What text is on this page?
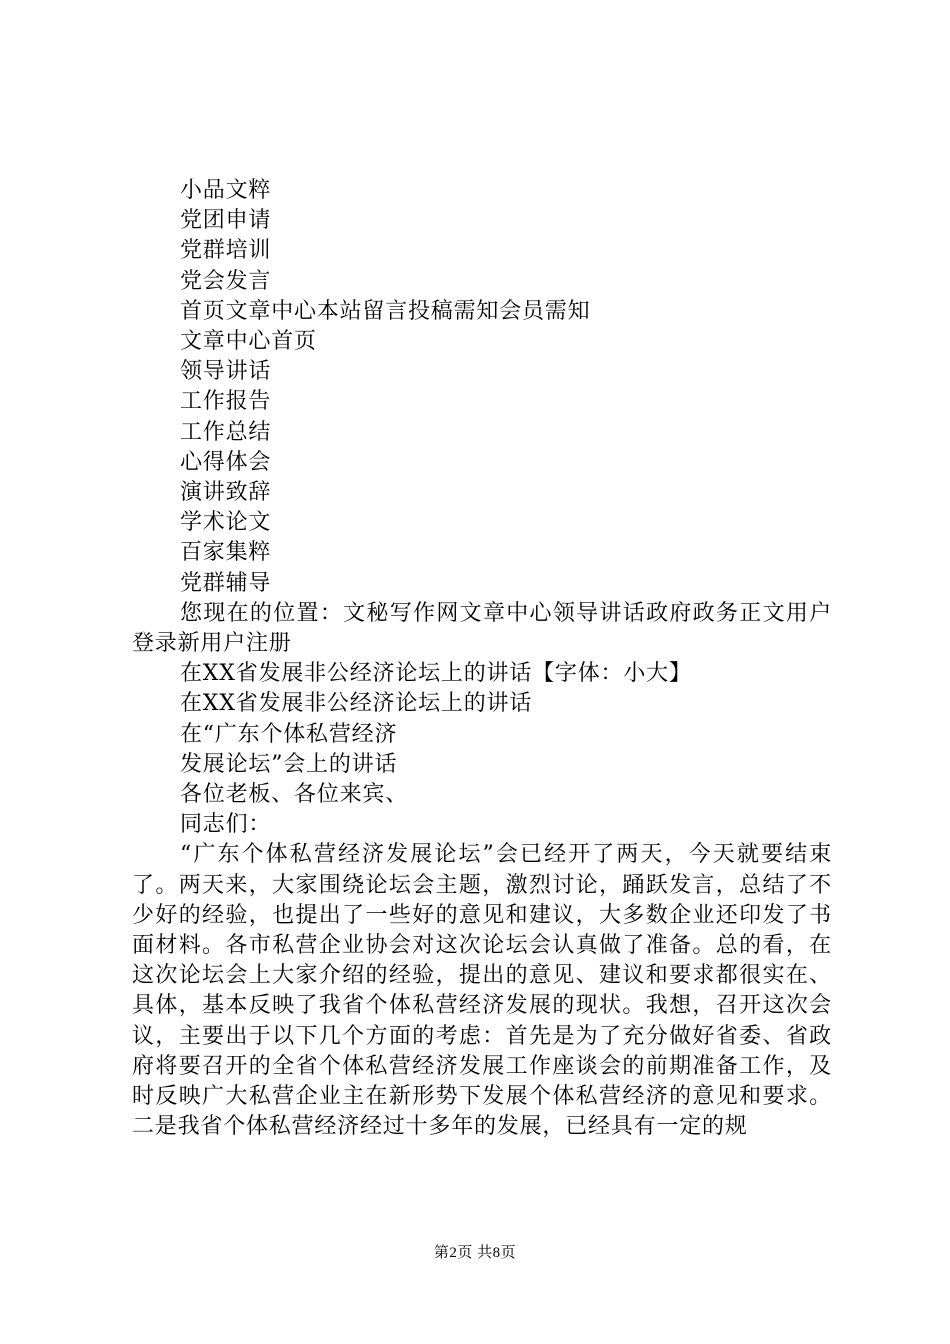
小品文粹
党团申请
党群培训
党会发言
首页文章中心本站留言投稿需知会员需知
文章中心首页
领导讲话
工作报告
工作总结
心得体会
演讲致辞
学术论文
百家集粹
党群辅导

您现在的位置：文秘写作网文章中心领导讲话政府政务正文用户登录新用户注册

在XX省发展非公经济论坛上的讲话【字体：小大】
在XX省发展非公经济论坛上的讲话
在“广东个体私营经济
发展论坛”会上的讲话
各位老板、各位来宾、
同志们：

“广东个体私营经济发展论坛”会已经开了两天，今天就要结束了。两天来，大家围绕论坛会主题，激烈讨论，踊跃发言，总结了不少好的经验，也提出了一些好的意见和建议，大多数企业还印发了书面材料。各市私营企业协会对这次论坛会认真做了准备。总的看，在这次论坛会上大家介绍的经验，提出的意见、建议和要求都很实在、具体，基本反映了我省个体私营经济发展的现状。我想，召开这次会议，主要出于以下几个方面的考虑：首先是为了充分做好省委、省政府将要召开的全省个体私营经济发展工作座谈会的前期准备工作，及时反映广大私营企业主在新形势下发展个体私营经济的意见和要求。二是我省个体私营经济经过十多年的发展，已经具有一定的规

第2页 共8页
